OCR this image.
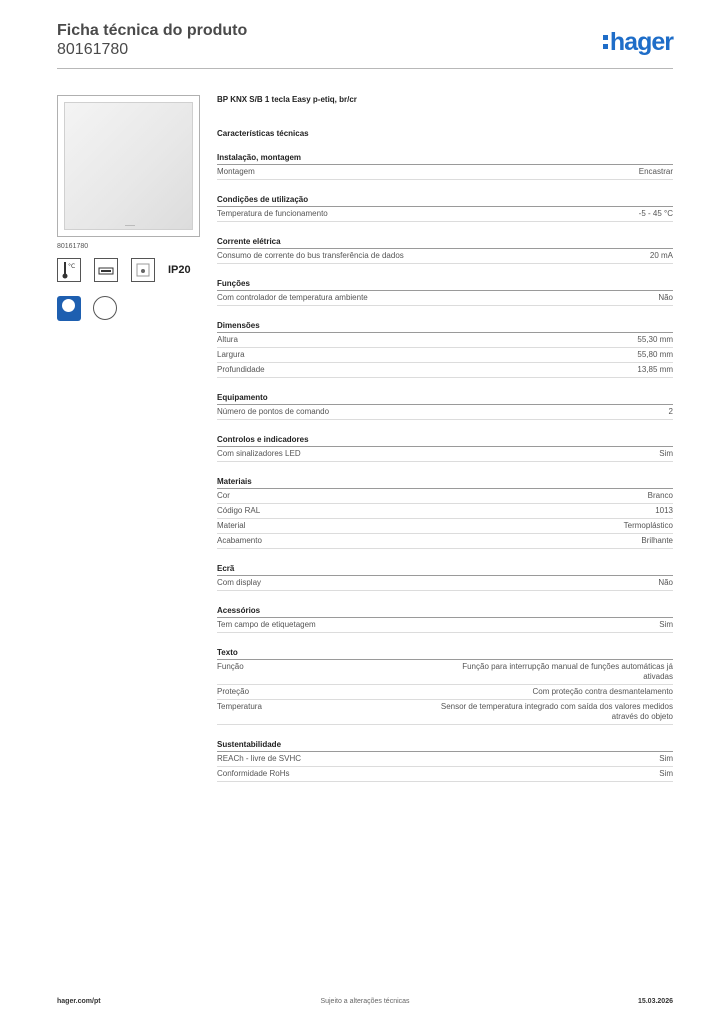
Ficha técnica do produto
80161780	hager
80161780
°C	IP20
BP KNX S/B 1 tecla Easy p-etiq, br/cr
Características técnicas
Instalação, montagem
Montagem	Encastrar
Condições de utilização
Temperatura de funcionamento	-5 - 45 °C
Corrente elétrica
Consumo de corrente do bus transferência de dados	20 mA
Funções
Com controlador de temperatura ambiente	Não
Dimensões
Altura	55,30 mm
Largura	55,80 mm
Profundidade	13,85 mm
Equipamento
Número de pontos de comando	2
Controlos e indicadores
Com sinalizadores LED	Sim
Materiais
Cor	Branco
Código RAL	1013
Material	Termoplástico
Acabamento	Brilhante
Ecrã
Com display	Não
Acessórios
Tem campo de etiquetagem	Sim
Texto
Função	Função para interrupção manual de funções automáticas já ativadas
Proteção	Com proteção contra desmantelamento
Temperatura	Sensor de temperatura integrado com saída dos valores medidos através do objeto
Sustentabilidade
REACh - livre de SVHC	Sim
Conformidade RoHs	Sim
hager.com/pt	Sujeito a alterações técnicas	15.03.2026
